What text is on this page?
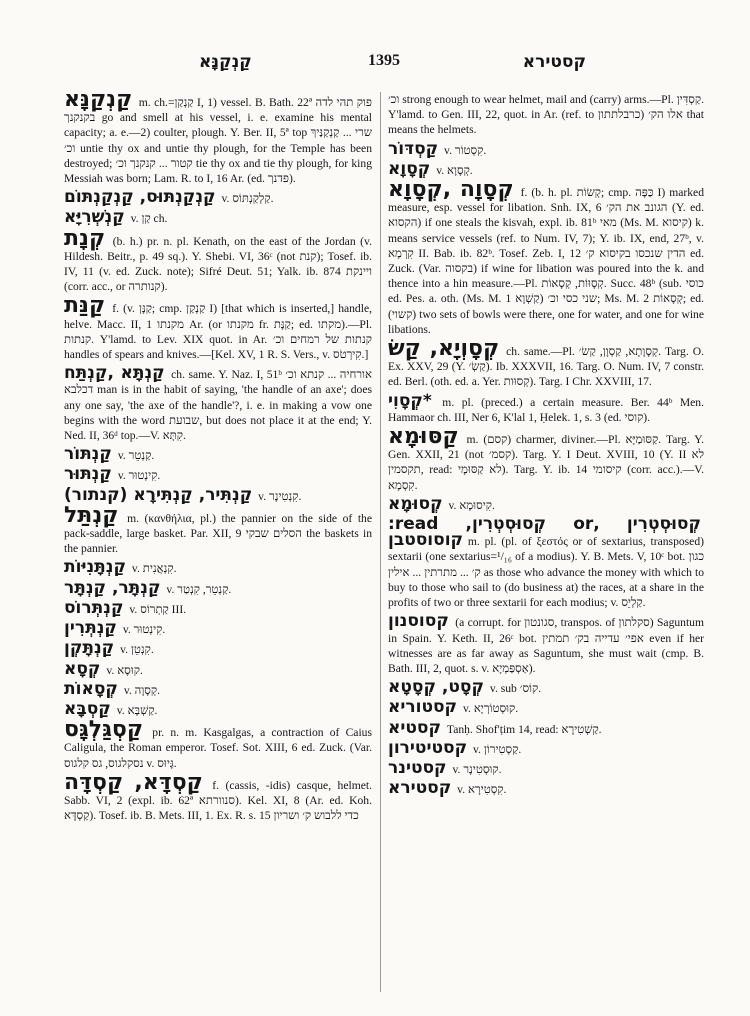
קַנְקַנָּא	1395	קסטירא

קַנְקַנָּא m. ch.=קַנְקַן I, 1) vessel. B. Bath. 22ª פוק תהי לדה בקנקנך go and smell at his vessel, i. e. examine his mental capacity; a. e.—2) coulter, plough. Y. Ber. II, 5ª top שרי ... קַנְקַנַּיךְ וכ׳ untie thy ox and untie thy plough, for the Temple has been destroyed; קטור ... קנקנך וכ׳ tie thy ox and tie thy plough, for king Messiah was born; Lam. R. to I, 16 Ar. (ed. פדנך).

קַנְקַנְתּוּס, קַנְקַנְתּוֹם v. קַלְקַנְתּוֹס.

קַנְשְׁרִיָּא v. קַן ch.

קְנָת (b. h.) pr. n. pl. Kenath, on the east of the Jordan (v. Hildesh. Beitr., p. 49 sq.). Y. Shebi. VI, 36ᶜ (not קנת); Tosef. ib. IV, 11 (v. ed. Zuck. note); Sifré Deut. 51; Yalk. ib. 874 ויינקת (corr. acc., or קנותרה).

קַנַּת f. (v. קַנָּן; cmp. קַנְקַן I) [that which is inserted,] handle, helve. Macc. II, 1 מקנתו Ar. (or מקנתו fr. קַנָּת; ed. מקתו).—Pl. קנתות. Y'lamd. to Lev. XIX quot. in Ar. קנתות של רמחים וכ׳ handles of spears and knives.—[Kel. XV, 1 R. S. Vers., v. קִירְטֹס.]

קַנְתָּא ,קַנְתַּח ch. same. Y. Naz. I, 51ᵇ אורחיה ... קנתא וכ׳ דכלבא man is in the habit of saying, 'the handle of an axe'; does any one say, 'the axe of the handle'?, i. e. in making a vow one begins with the word שבועת, but does not place it at the end; Y. Ned. II, 36ᵈ top.—V. קִתָּא.

קַנְתּוֹר v. קַנְטֵר.

קַנְתּוּר v. קִינְטוּר.

קַנְתִּיר, קַנְתִּירָא (קנתור) v. קִנְטִינָר.

קַנְתַּל m. (κανθήλια, pl.) the pannier on the side of the pack-saddle, large basket. Par. XII, 9 הסלים שבקי the baskets in the pannier.

קַנְתָּנִיּוֹת v. קִנְאֲנִית.

קַנְתָּר, קַנְתָּר v. קַנְטֵר, קִנְטַר.

קַנְתְּרוֹס v. קַתְרוֹס III.

קַנְתְּרִין v. קִינְטוּר.

קַנְתָּקְן v. קִנְטֵן.

קְסָא v. קוּסָא.

קְסָאוֹת v. קְסָוָה.

קַסְבָּא v. קַשְׁבָּא.

קַסְגַּלְגָּס pr. n. m. Kasgalgas, a contraction of Caius Caligula, the Roman emperor. Tosef. Sot. XIII, 6 ed. Zuck. (Var. נסקלגוס, גס קלגוס v. גָּיוּס.

קַסְדָּא, קַסְדָּה f. (cassis, -idis) casque, helmet. Sabb. VI, 2 (expl. ib. 62ª סנוורתא). Kel. XI, 8 (Ar. ed. Koh. קַסְדָּא). Tosef. ib. B. Mets. III, 1. Ex. R. s. 15 כדי ללבוש ק׳ ושריון

וכ׳ strong enough to wear helmet, mail and (carry) arms.—Pl. קַסְדִּין. Y'lamd. to Gen. III, 22, quot. in Ar. (ref. to אלו הק׳ (כרבלתתון that means the helmets.

קַסְדּוֹר v. קִסְטוֹר.

קְסָוָא v. קְסָוָא.

קְסָוָה ,קְסָוָא f. (b. h. pl. קְשׂוֹת; cmp. כַּפָּה I) marked measure, esp. vessel for libation. Snh. IX, 6 הגונב את הק׳ (Y. ed. הקסוא) if one steals the kisvah, expl. ib. 81ᵇ מאי (Ms. M. קיסוא) k. means service vessels (ref. to Num. IV, 7); Y. ib. IX, end, 27ᵇ, v. קִרְמָא II. Bab. ib. 82ᵇ. Tosef. Zeb. I, 12 הדין שנכסו בקיסוא ק׳ ed. Zuck. (Var. בקסוה) if wine for libation was poured into the k. and thence into a hin measure.—Pl. קְסָוּוֹת, קְסָאוֹת. Succ. 48ᵇ (sub. כוסי ed. Pes. a. oth. (Ms. M. 1 קַשְׁוָא) שני כסי וכ׳; Ms. M. 2 קְסָאוֹת; ed. (קשוי) two sets of bowls were there, one for water, and one for wine libations.

קְסָוְיָא, קַשׂ ch. same.—Pl. קְסָוָתָא, קַסְוָן, קַשׂ׳. Targ. O. Ex. XXV, 29 (Y. קַשְׂ׳). Ib. XXXVII, 16. Targ. O. Num. IV, 7 constr. ed. Berl. (oth. ed. a. Yer. קְסוּות). Targ. I Chr. XXVIII, 17.

*קְסָוִי m. pl. (preced.) a certain measure. Ber. 44ᵇ Men. Hammaor ch. III, Ner 6, K'lal 1, Ḥelek. 1, s. 3 (ed. קוסי).

קַסּוּמָא m. (קסם) charmer, diviner.—Pl. קַסּוּמַיָּא. Targ. Y. Gen. XXII, 21 (not קסמ׳). Targ. Y. I Deut. XVIII, 10 (Y. II לא תקסמין, read: לא קַסּוּמָי). Targ. Y. ib. 14 קיסומי (corr. acc.).—V. קִסְמָא.

קְסוּמָא v. קִיסוּמָא.

קְסוּסְטְרִין ,or קְסוּסְטְרִין, read: קוסוסטבן m. pl. (pl. of ξεστός or of sextarius, transposed) sextarii (one sextarius=¹/₁₆ of a modius). Y. B. Mets. V, 10ᶜ bot. כגון ק׳ ... מתרתין ... אילין as those who advance the money with which to buy to those who sail to (do business at) the races, at a share in the profits of two or three sextarii for each modius; v. קַלְיֵס.

קסוסנון (a corrupt. for סגונטון, transpos. of סקלתון) Saguntum in Spain. Y. Keth. II, 26ᶜ bot. אפי׳ עדייה בק׳ תמתין even if her witnesses are as far away as Saguntum, she must wait (cmp. B. Bath. III, 2, quot. s. v. אַסְפַּמְיָא).

קְסָט, קְסָטָא v. sub קוֹס׳.

קסטוריא v. קוּסְטוֹרְיָא.

קסטיא Tanḥ. Shof'ṭim 14, read: קַשְׁטִירָא.

קסטיטירון v. קַסְטִירוֹן.

קסטינר v. קוּסְטִינָר.

קסטירא v. קִסְטִירָא.
